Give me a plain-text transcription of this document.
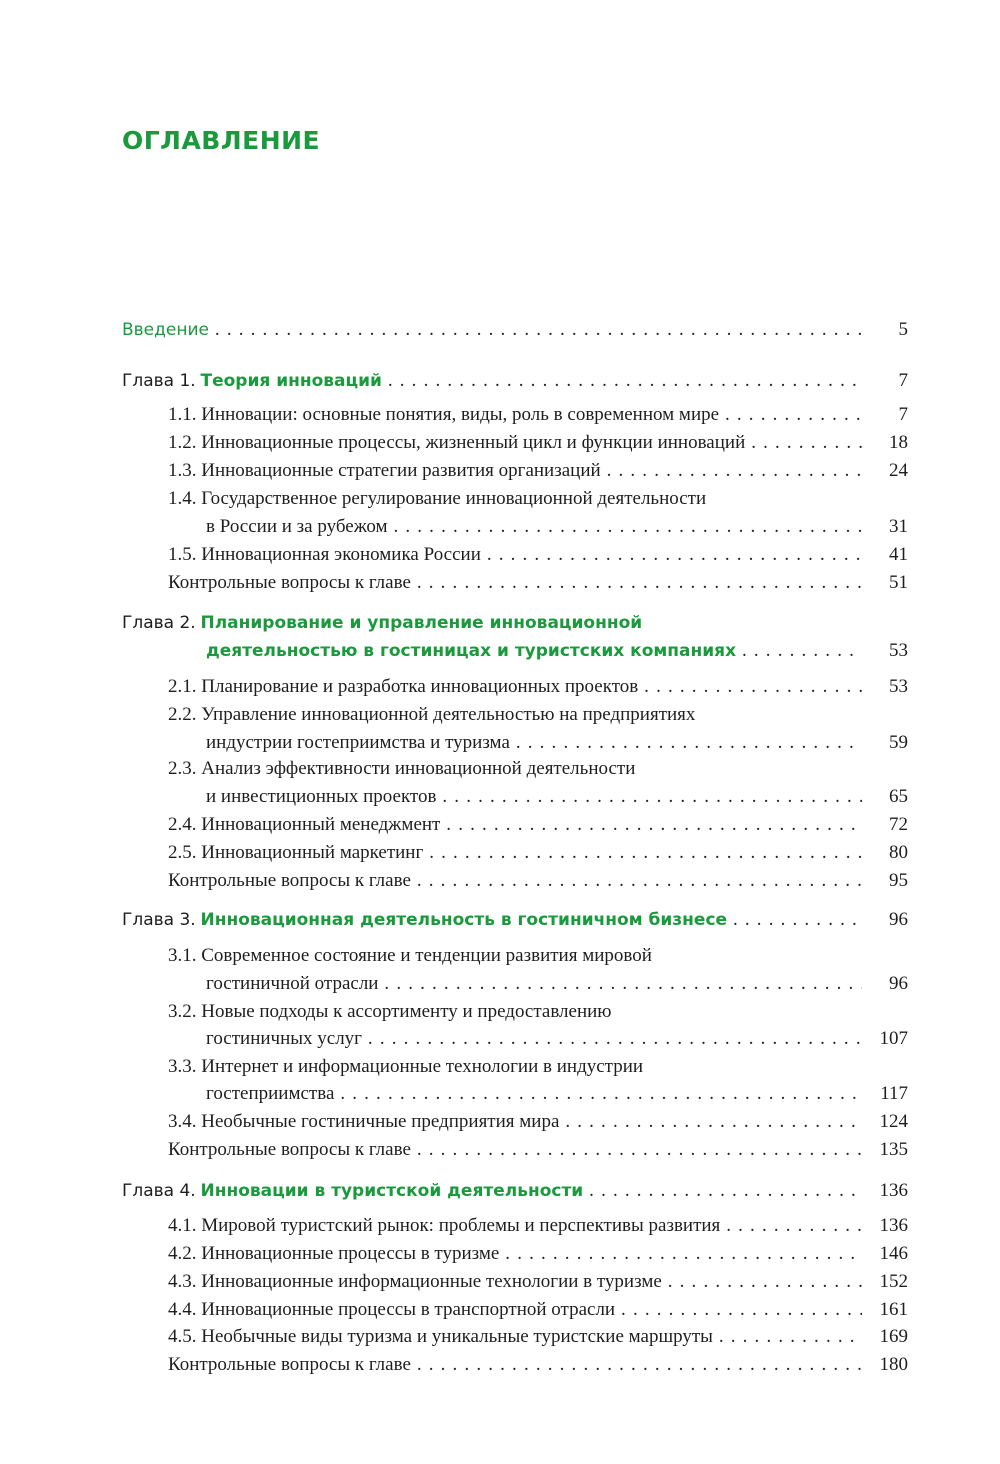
ОГЛАВЛЕНИЕ
Введение . . .	5
Глава 1. Теория инноваций . . .	7
1.1. Инновации: основные понятия, виды, роль в современном мире . . .	7
1.2. Инновационные процессы, жизненный цикл и функции инноваций . . .	18
1.3. Инновационные стратегии развития организаций . . .	24
1.4. Государственное регулирование инновационной деятельности
в России и за рубежом . . .	31
1.5. Инновационная экономика России . . .	41
Контрольные вопросы к главе . . .	51
Глава 2. Планирование и управление инновационной
деятельностью в гостиницах и туристских компаниях . . .	53
2.1. Планирование и разработка инновационных проектов . . .	53
2.2. Управление инновационной деятельностью на предприятиях
индустрии гостеприимства и туризма . . .	59
2.3. Анализ эффективности инновационной деятельности
и инвестиционных проектов . . .	65
2.4. Инновационный менеджмент . . .	72
2.5. Инновационный маркетинг . . .	80
Контрольные вопросы к главе . . .	95
Глава 3. Инновационная деятельность в гостиничном бизнесе . . .	96
3.1. Современное состояние и тенденции развития мировой
гостиничной отрасли . . .	96
3.2. Новые подходы к ассортименту и предоставлению
гостиничных услуг . . .	107
3.3. Интернет и информационные технологии в индустрии
гостеприимства . . .	117
3.4. Необычные гостиничные предприятия мира . . .	124
Контрольные вопросы к главе . . .	135
Глава 4. Инновации в туристской деятельности . . .	136
4.1. Мировой туристский рынок: проблемы и перспективы развития . . .	136
4.2. Инновационные процессы в туризме . . .	146
4.3. Инновационные информационные технологии в туризме . . .	152
4.4. Инновационные процессы в транспортной отрасли . . .	161
4.5. Необычные виды туризма и уникальные туристские маршруты . . .	169
Контрольные вопросы к главе . . .	180
